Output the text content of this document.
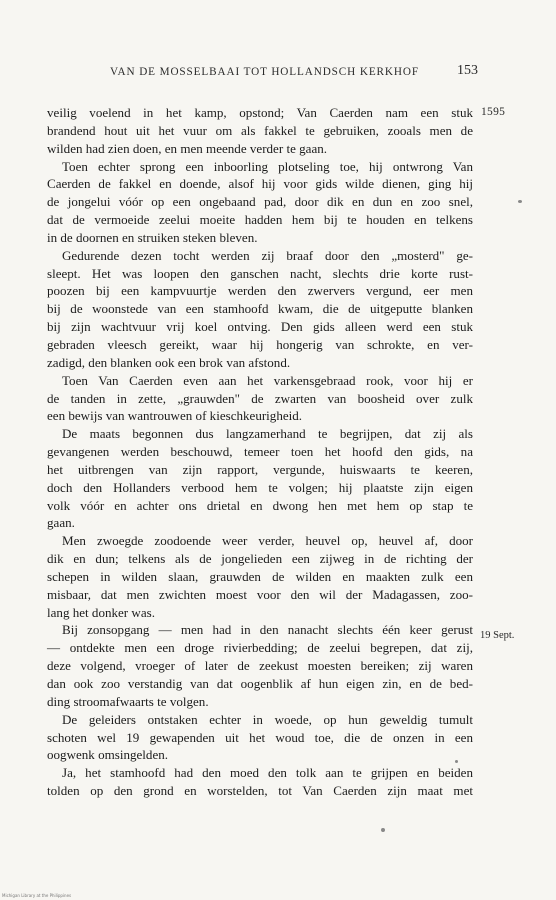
VAN DE MOSSELBAAI TOT HOLLANDSCH KERKHOF	153
1595
19 Sept.

veilig voelend in het kamp, opstond; Van Caerden nam een stuk
brandend hout uit het vuur om als fakkel te gebruiken, zooals men de
wilden had zien doen, en men meende verder te gaan.

Toen echter sprong een inboorling plotseling toe, hij ontwrong Van
Caerden de fakkel en doende, alsof hij voor gids wilde dienen, ging hij
de jongelui vóór op een ongebaand pad, door dik en dun en zoo snel,
dat de vermoeide zeelui moeite hadden hem bij te houden en telkens
in de doornen en struiken steken bleven.

Gedurende dezen tocht werden zij braaf door den „mosterd" ge-
sleept. Het was loopen den ganschen nacht, slechts drie korte rust-
poozen bij een kampvuurtje werden den zwervers vergund, eer men
bij de woonstede van een stamhoofd kwam, die de uitgeputte blanken
bij zijn wachtvuur vrij koel ontving. Den gids alleen werd een stuk
gebraden vleesch gereikt, waar hij hongerig van schrokte, en ver-
zadigd, den blanken ook een brok van afstond.

Toen Van Caerden even aan het varkensgebraad rook, voor hij er
de tanden in zette, „grauwden" de zwarten van boosheid over zulk
een bewijs van wantrouwen of kieschkeurigheid.

De maats begonnen dus langzamerhand te begrijpen, dat zij als
gevangenen werden beschouwd, temeer toen het hoofd den gids, na
het uitbrengen van zijn rapport, vergunde, huiswaarts te keeren,
doch den Hollanders verbood hem te volgen; hij plaatste zijn eigen
volk vóór en achter ons drietal en dwong hen met hem op stap te
gaan.

Men zwoegde zoodoende weer verder, heuvel op, heuvel af, door
dik en dun; telkens als de jongelieden een zijweg in de richting der
schepen in wilden slaan, grauwden de wilden en maakten zulk een
misbaar, dat men zwichten moest voor den wil der Madagassen, zoo-
lang het donker was.

Bij zonsopgang — men had in den nanacht slechts één keer gerust
— ontdekte men een droge rivierbedding; de zeelui begrepen, dat zij,
deze volgend, vroeger of later de zeekust moesten bereiken; zij waren
dan ook zoo verstandig van dat oogenblik af hun eigen zin, en de bed-
ding stroomafwaarts te volgen.

De geleiders ontstaken echter in woede, op hun geweldig tumult
schoten wel 19 gewapenden uit het woud toe, die de onzen in een
oogwenk omsingelden.

Ja, het stamhoofd had den moed den tolk aan te grijpen en beiden
tolden op den grond en worstelden, tot Van Caerden zijn maat met

Michigan Library at the Philippines
